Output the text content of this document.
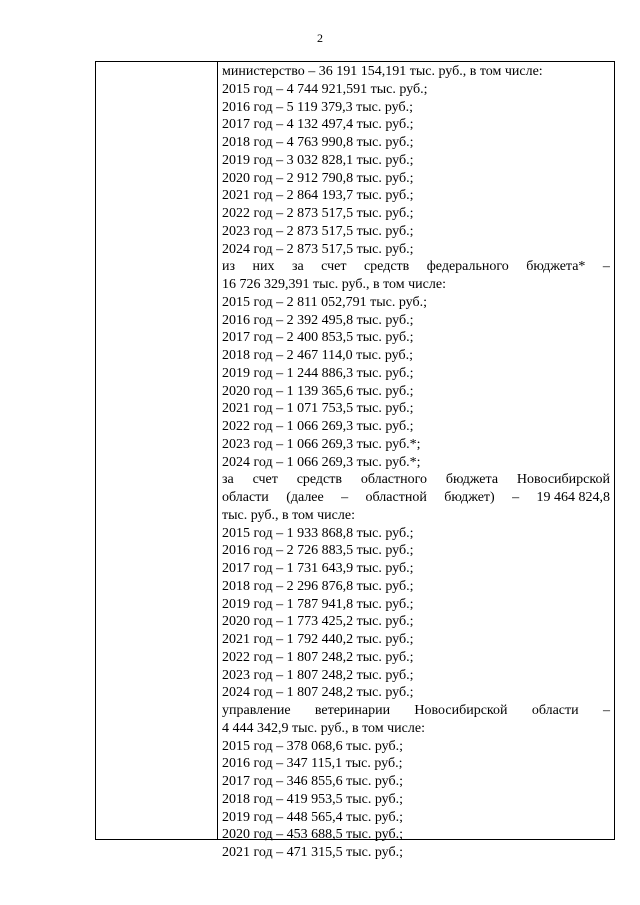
2
министерство – 36 191 154,191 тыс. руб., в том числе:
2015 год – 4 744 921,591 тыс. руб.;
2016 год – 5 119 379,3 тыс. руб.;
2017 год – 4 132 497,4 тыс. руб.;
2018 год – 4 763 990,8 тыс. руб.;
2019 год – 3 032 828,1 тыс. руб.;
2020 год – 2 912 790,8 тыс. руб.;
2021 год – 2 864 193,7 тыс. руб.;
2022 год – 2 873 517,5 тыс. руб.;
2023 год – 2 873 517,5 тыс. руб.;
2024 год – 2 873 517,5 тыс. руб.;
из них за счет средств федерального бюджета* –
16 726 329,391 тыс. руб., в том числе:
2015 год – 2 811 052,791 тыс. руб.;
2016 год – 2 392 495,8 тыс. руб.;
2017 год – 2 400 853,5 тыс. руб.;
2018 год – 2 467 114,0 тыс. руб.;
2019 год – 1 244 886,3 тыс. руб.;
2020 год – 1 139 365,6 тыс. руб.;
2021 год – 1 071 753,5 тыс. руб.;
2022 год – 1 066 269,3 тыс. руб.;
2023 год – 1 066 269,3 тыс. руб.*;
2024 год – 1 066 269,3 тыс. руб.*;
за счет средств областного бюджета Новосибирской
области (далее – областной бюджет) – 19 464 824,8
тыс. руб., в том числе:
2015 год – 1 933 868,8 тыс. руб.;
2016 год – 2 726 883,5 тыс. руб.;
2017 год – 1 731 643,9 тыс. руб.;
2018 год – 2 296 876,8 тыс. руб.;
2019 год – 1 787 941,8 тыс. руб.;
2020 год – 1 773 425,2 тыс. руб.;
2021 год – 1 792 440,2 тыс. руб.;
2022 год – 1 807 248,2 тыс. руб.;
2023 год – 1 807 248,2 тыс. руб.;
2024 год – 1 807 248,2 тыс. руб.;
управление ветеринарии Новосибирской области –
4 444 342,9 тыс. руб., в том числе:
2015 год – 378 068,6 тыс. руб.;
2016 год – 347 115,1 тыс. руб.;
2017 год – 346 855,6 тыс. руб.;
2018 год – 419 953,5 тыс. руб.;
2019 год – 448 565,4 тыс. руб.;
2020 год – 453 688,5 тыс. руб.;
2021 год – 471 315,5 тыс. руб.;
